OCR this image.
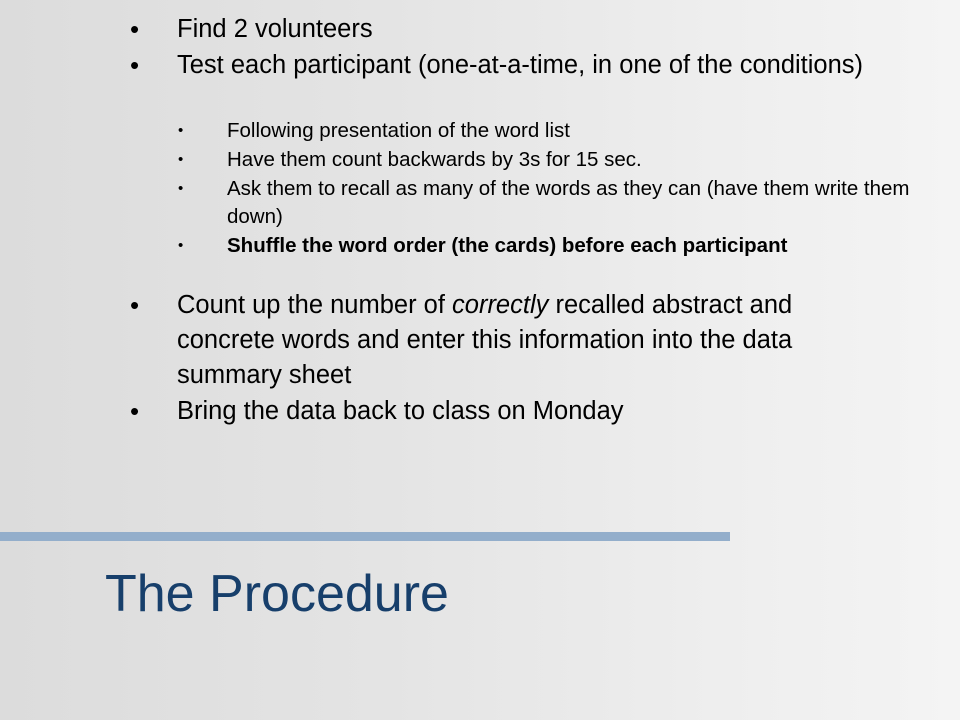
•	Find 2 volunteers
•	Test each participant (one-at-a-time, in one of the conditions)
• Following presentation of the word list
• Have them count backwards by 3s for 15 sec.
• Ask them to recall as many of the words as they can (have them write them down)
• Shuffle the word order (the cards) before each participant
•	Count up the number of correctly recalled abstract and concrete words and enter this information into the data summary sheet
•	Bring the data back to class on Monday
The Procedure
